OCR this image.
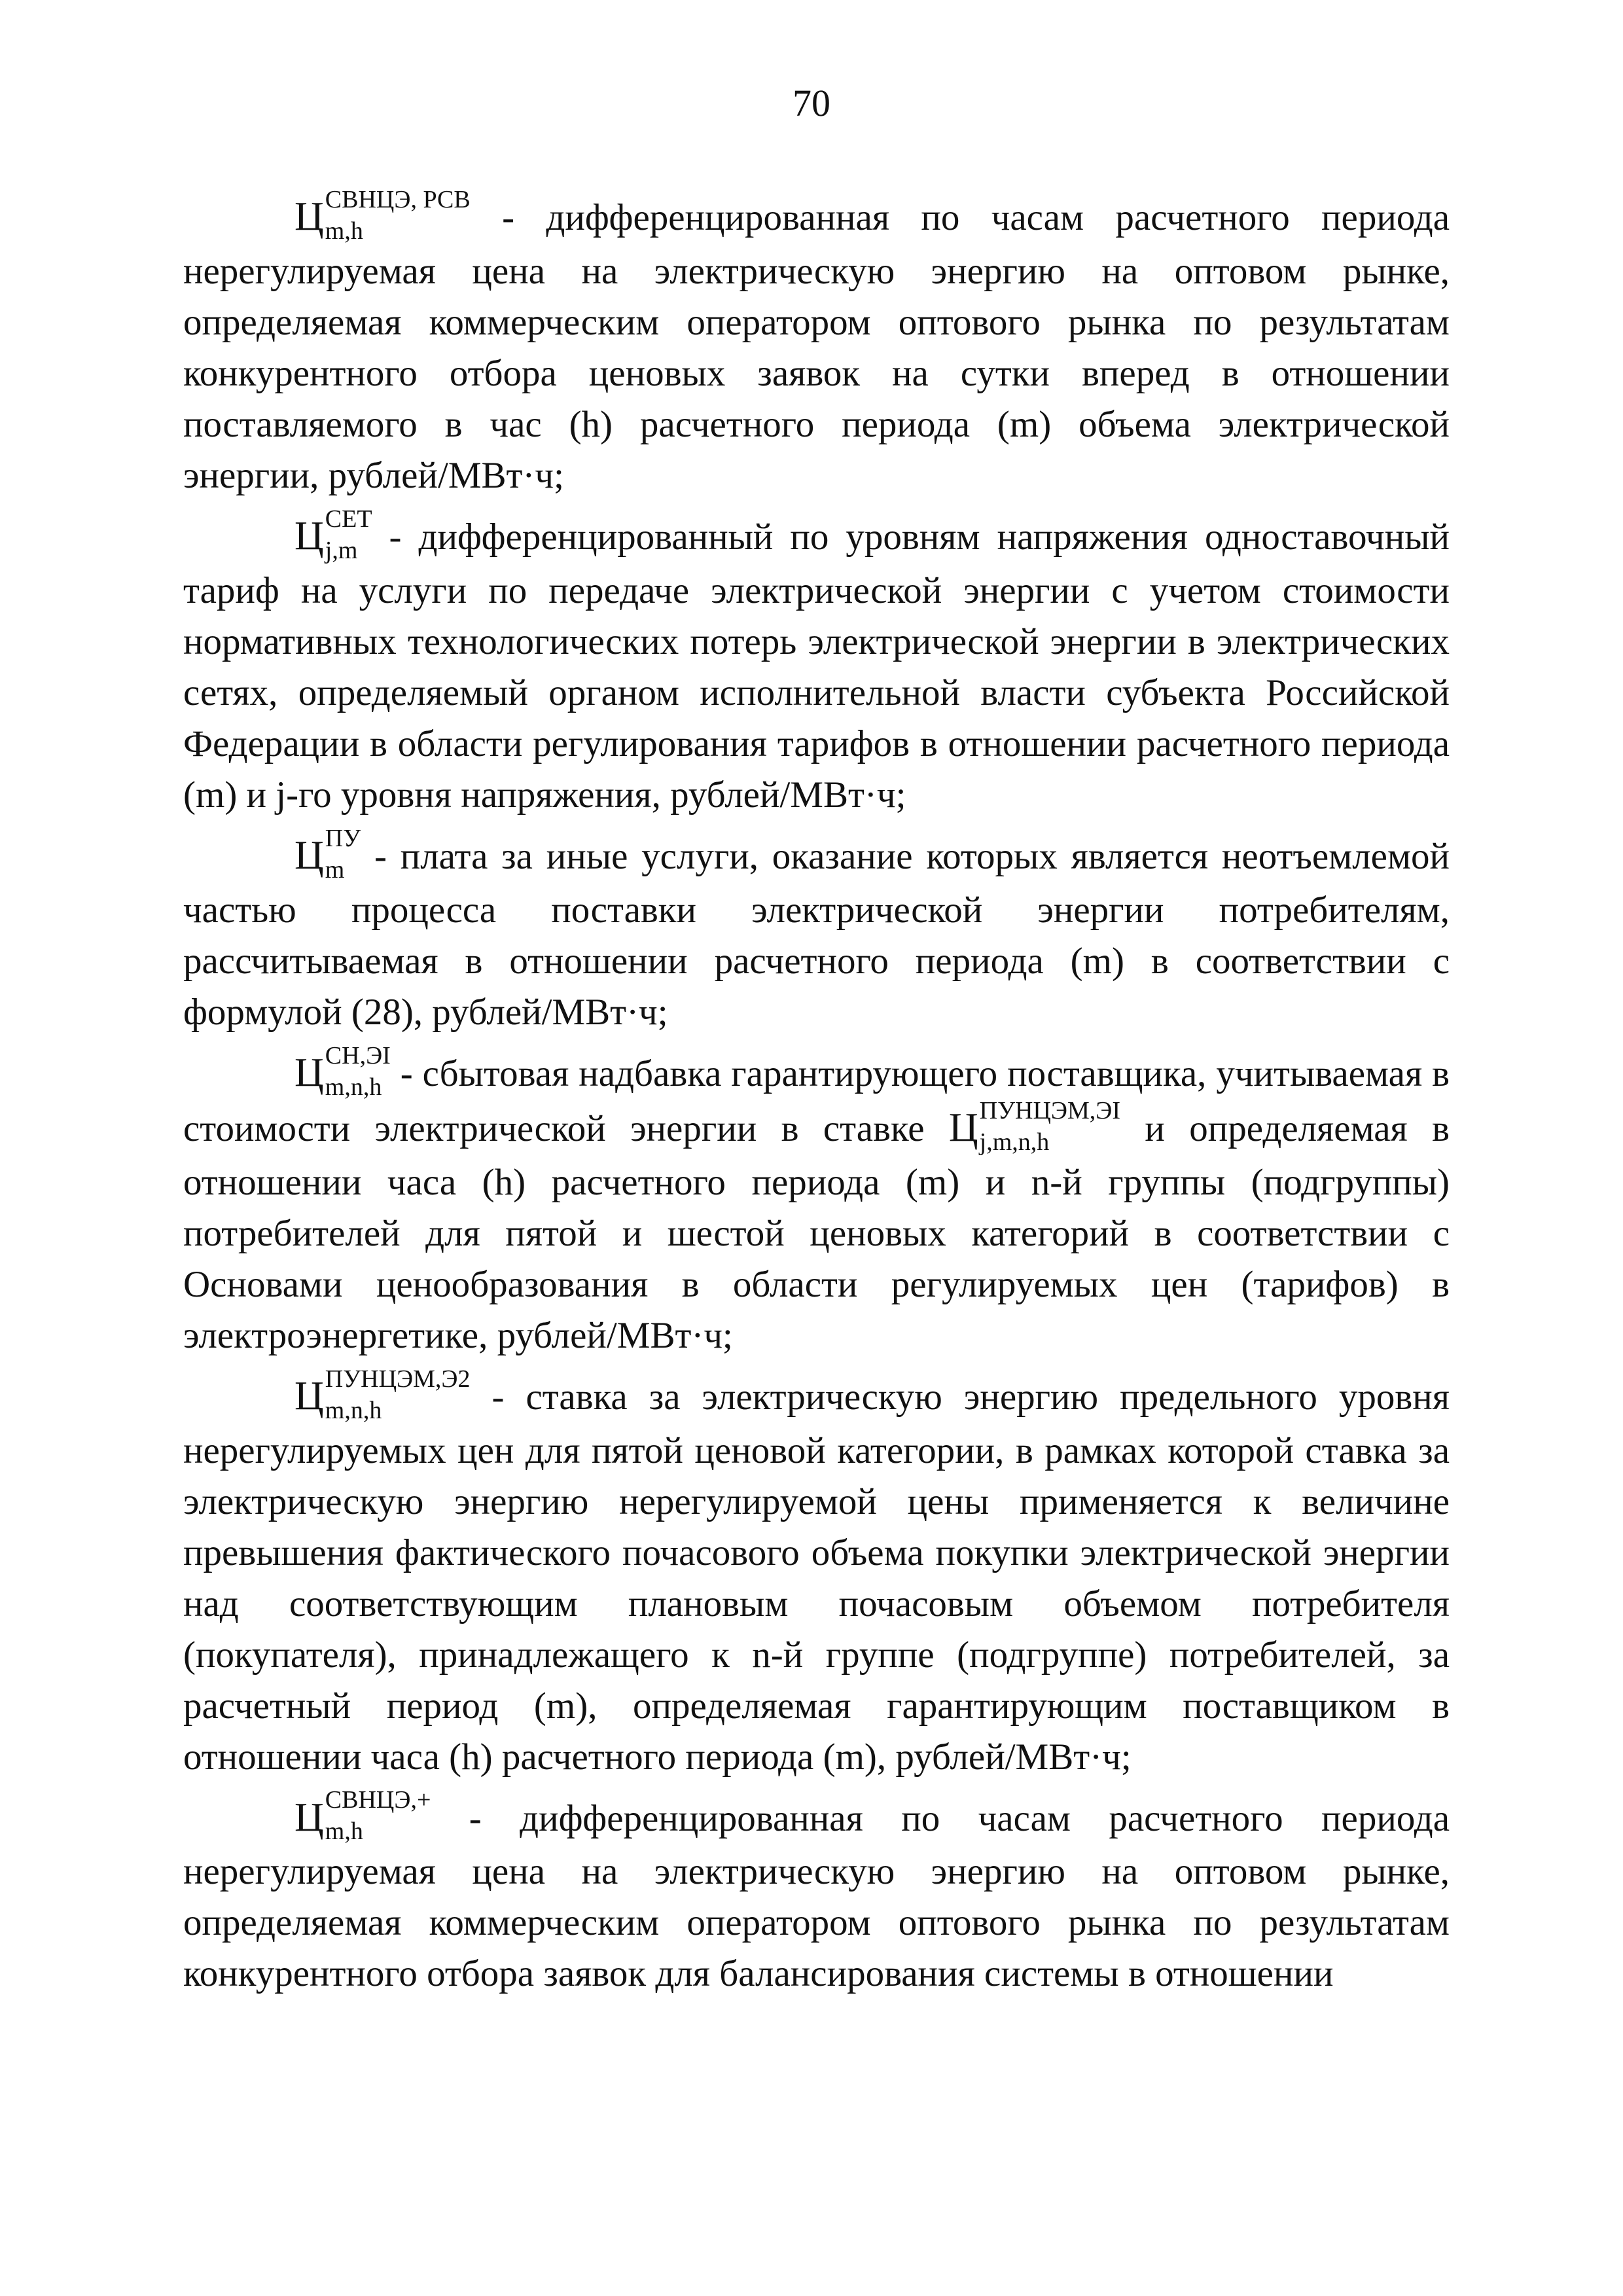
70
Ц СВНЦЭ, РСВ
m,h	- дифференцированная по часам расчетного периода нерегулируемая цена на электрическую энергию на оптовом рынке, определяемая коммерческим оператором оптового рынка по результатам конкурентного отбора ценовых заявок на сутки вперед в отношении поставляемого в час (h) расчетного периода (m) объема электрической энергии, рублей/МВт·ч;
Ц СЕТ
j,m - дифференцированный по уровням напряжения одноставочный тариф на услуги по передаче электрической энергии с учетом стоимости нормативных технологических потерь электрической энергии в электрических сетях, определяемый органом исполнительной власти субъекта Российской Федерации в области регулирования тарифов в отношении расчетного периода (m) и j-го уровня напряжения, рублей/МВт·ч;
Ц ПУ
m - плата за иные услуги, оказание которых является неотъемлемой частью процесса поставки электрической энергии потребителям, рассчитываемая в отношении расчетного периода (m) в соответствии с формулой (28), рублей/МВт·ч;
Ц СН,ЭІ
m,n,h - сбытовая надбавка гарантирующего поставщика, учитываемая в стоимости электрической энергии в ставке Ц ПУНЦЭМ,ЭІ
j,m,n,h	и определяемая в отношении часа (h) расчетного периода (m) и n-й группы (подгруппы) потребителей для пятой и шестой ценовых категорий в соответствии с Основами ценообразования в области регулируемых цен (тарифов) в электроэнергетике, рублей/МВт·ч;
Ц ПУНЦЭМ,Э2
m,n,h	- ставка за электрическую энергию предельного уровня нерегулируемых цен для пятой ценовой категории, в рамках которой ставка за электрическую энергию нерегулируемой цены применяется к величине превышения фактического почасового объема покупки электрической энергии над соответствующим плановым почасовым объемом потребителя (покупателя), принадлежащего к n-й группе (подгруппе) потребителей, за расчетный период (m), определяемая гарантирующим поставщиком в отношении часа (h) расчетного периода (m), рублей/МВт·ч;
Ц СВНЦЭ,+
m,h	- дифференцированная по часам расчетного периода нерегулируемая цена на электрическую энергию на оптовом рынке, определяемая коммерческим оператором оптового рынка по результатам конкурентного отбора заявок для балансирования системы в отношении
